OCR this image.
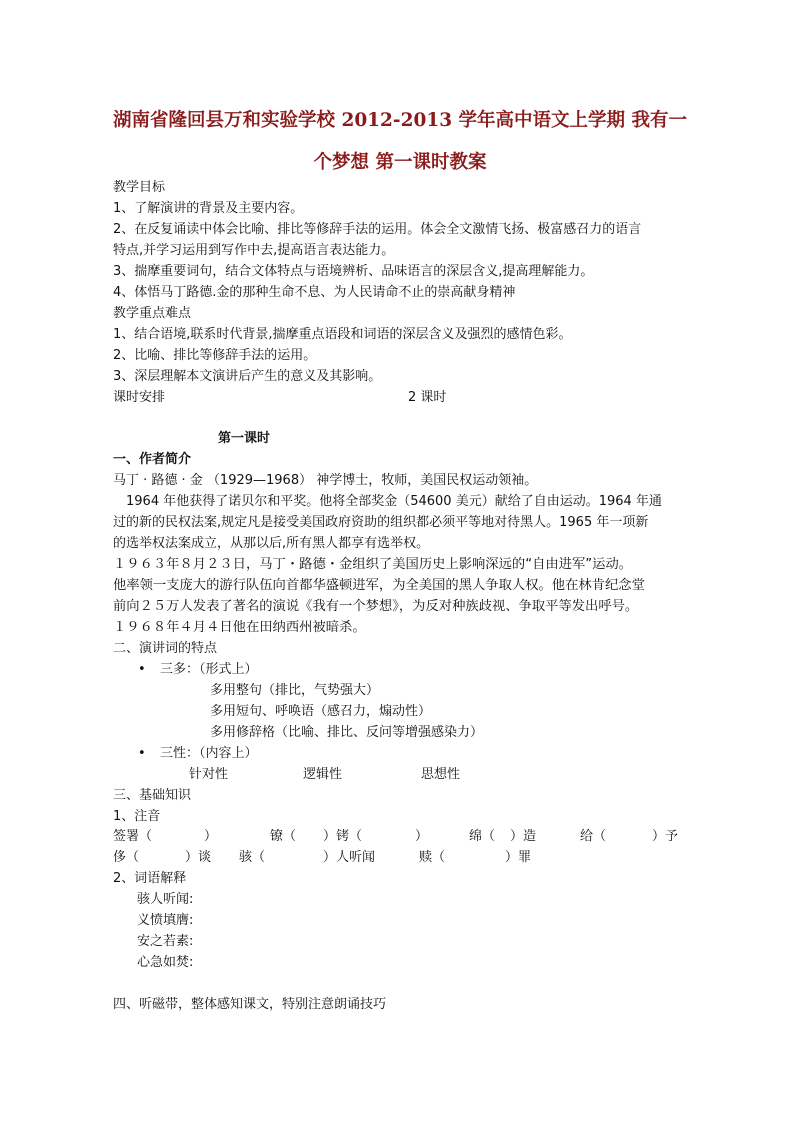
湖南省隆回县万和实验学校 2012-2013 学年高中语文上学期 我有一
个梦想 第一课时教案
教学目标
1、了解演讲的背景及主要内容。
2、在反复诵读中体会比喻、排比等修辞手法的运用。体会全文激情飞扬、极富感召力的语言
特点,并学习运用到写作中去,提高语言表达能力。
3、揣摩重要词句，结合文体特点与语境辨析、品味语言的深层含义,提高理解能力。
4、体悟马丁路德.金的那种生命不息、为人民请命不止的崇高献身精神
教学重点难点
1、结合语境,联系时代背景,揣摩重点语段和词语的深层含义及强烈的感情色彩。
2、比喻、排比等修辞手法的运用。
3、深层理解本文演讲后产生的意义及其影响。
课时安排	2 课时
第一课时
一、作者简介
马丁 · 路德 · 金 （1929—1968） 神学博士，牧师，美国民权运动领袖。
1964 年他获得了诺贝尔和平奖。他将全部奖金（54600 美元）献给了自由运动。1964 年通
过的新的民权法案,规定凡是接受美国政府资助的组织都必须平等地对待黑人。1965 年一项新
的选举权法案成立，从那以后,所有黑人都享有选举权。
１９６３年８月２３日，马丁・路德・金组织了美国历史上影响深远的“自由进军”运动。
他率领一支庞大的游行队伍向首都华盛顿进军，为全美国的黑人争取人权。他在林肯纪念堂
前向２５万人发表了著名的演说《我有一个梦想》，为反对种族歧视、争取平等发出呼号。
１９６８年４月４日他在田纳西州被暗杀。
二、演讲词的特点
• 三多：（形式上）
多用整句（排比，气势强大）
多用短句、呼唤语（感召力，煽动性）
多用修辞格（比喻、排比、反问等增强感染力）
• 三性：（内容上）
针对性	逻辑性	思想性
三、基础知识
1、注音
签署（	）	镣（ ）铐（	）	绵（ ）造	给（	）予
侈（	）谈 骇（	）人听闻	赎（	）罪
2、词语解释
骇人听闻:
义愤填膺:
安之若素:
心急如焚:
四、听磁带，整体感知课文，特别注意朗诵技巧
